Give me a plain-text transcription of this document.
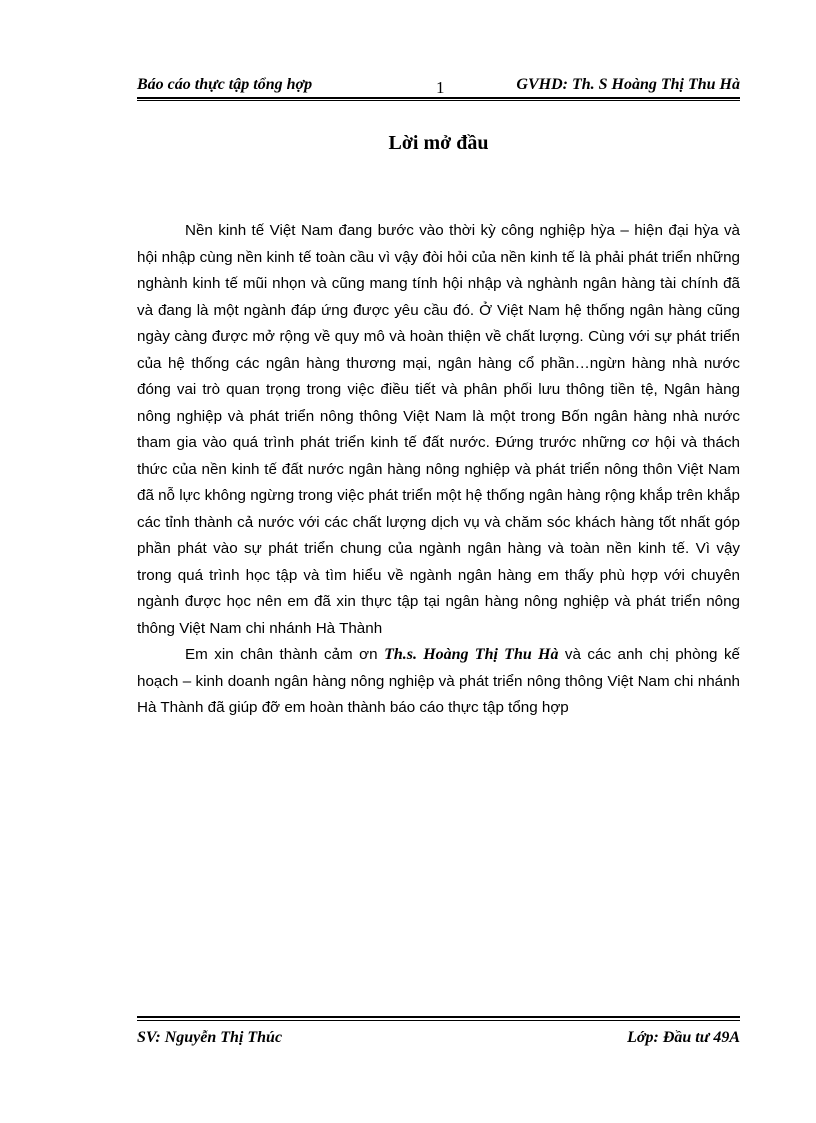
Báo cáo thực tập tổng hợp	1	GVHD: Th. S Hoàng Thị Thu Hà
Lời mở đầu

Nền kinh tế Việt Nam đang bước vào thời kỳ công nghiệp hỳa – hiện đại hỳa và hội nhập cùng nền kinh tế toàn cầu vì vậy đòi hỏi của nền kinh tế là phải phát triển những nghành kinh tế mũi nhọn và cũng mang tính hội nhập và nghành ngân hàng tài chính đã và đang là một ngành đáp ứng được yêu cầu đó. Ở Việt Nam hệ thống ngân hàng cũng ngày càng được mở rộng về quy mô và hoàn thiện về chất lượng. Cùng với sự phát triển của hệ thống các ngân hàng thương mại, ngân hàng cổ phần…ngừn hàng nhà nước đóng vai trò quan trọng trong việc điều tiết và phân phối lưu thông tiền tệ, Ngân hàng nông nghiệp và phát triển nông thông Việt Nam là một trong Bốn ngân hàng nhà nước tham gia vào quá trình phát triển kinh tế đất nước. Đứng trước những cơ hội và thách thức của nền kinh tế đất nước ngân hàng nông nghiệp và phát triển nông thôn Việt Nam đã nỗ lực không ngừng trong việc phát triển một hệ thống ngân hàng rộng khắp trên khắp các tỉnh thành cả nước với các chất lượng dịch vụ và chăm sóc khách hàng tốt nhất góp phần phát vào sự phát triển chung của ngành ngân hàng và toàn nền kinh tế. Vì vậy trong quá trình học tập và tìm hiểu về ngành ngân hàng em thấy phù hợp với chuyên ngành được học nên em đã xin thực tập tại ngân hàng nông nghiệp và phát triển nông thông Việt Nam chi nhánh Hà Thành

Em xin chân thành cảm ơn Th.s. Hoàng Thị Thu Hà và các anh chị phòng kế hoạch – kinh doanh ngân hàng nông nghiệp và phát triển nông thông Việt Nam chi nhánh Hà Thành đã giúp đỡ em hoàn thành báo cáo thực tập tổng hợp

SV: Nguyễn Thị Thúc	Lớp: Đầu tư 49A
